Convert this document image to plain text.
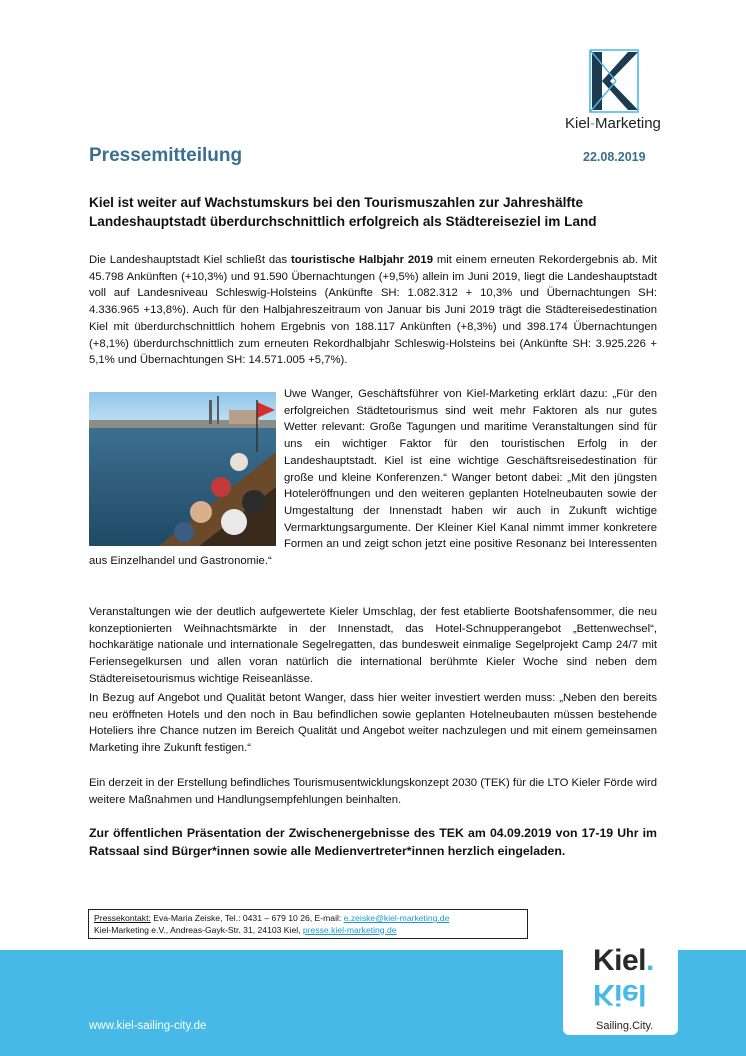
Kiel-Marketing
Pressemitteilung	22.08.2019
Kiel ist weiter auf Wachstumskurs bei den Tourismuszahlen zur Jahreshälfte
Landeshauptstadt überdurchschnittlich erfolgreich als Städtereiseziel im Land

Die Landeshauptstadt Kiel schließt das touristische Halbjahr 2019 mit einem erneuten Rekordergebnis ab. Mit 45.798 Ankünften (+10,3%) und 91.590 Übernachtungen (+9,5%) allein im Juni 2019, liegt die Landeshauptstadt voll auf Landesniveau Schleswig-Holsteins (Ankünfte SH: 1.082.312 + 10,3% und Übernachtungen SH: 4.336.965 +13,8%). Auch für den Halbjahreszeitraum von Januar bis Juni 2019 trägt die Städtereisedestination Kiel mit überdurchschnittlich hohem Ergebnis von 188.117 Ankünften (+8,3%) und 398.174 Übernachtungen (+8,1%) überdurchschnittlich zum erneuten Rekordhalbjahr Schleswig-Holsteins bei (Ankünfte SH: 3.925.226 + 5,1% und Übernachtungen SH: 14.571.005 +5,7%).

Uwe Wanger, Geschäftsführer von Kiel-Marketing erklärt dazu: „Für den erfolgreichen Städtetourismus sind weit mehr Faktoren als nur gutes Wetter relevant: Große Tagungen und maritime Veranstaltungen sind für uns ein wichtiger Faktor für den touristischen Erfolg in der Landeshauptstadt. Kiel ist eine wichtige Geschäftsreisedestination für große und kleine Konferenzen.“ Wanger betont dabei: „Mit den jüngsten Hoteleröffnungen und den weiteren geplanten Hotelneubauten sowie der Umgestaltung der Innenstadt haben wir auch in Zukunft wichtige Vermarktungsargumente. Der Kleiner Kiel Kanal nimmt immer konkretere Formen an und zeigt schon jetzt eine positive Resonanz bei Interessenten aus Einzelhandel und Gastronomie.“

Veranstaltungen wie der deutlich aufgewertete Kieler Umschlag, der fest etablierte Bootshafensommer, die neu konzeptionierten Weihnachtsmärkte in der Innenstadt, das Hotel-Schnupperangebot „Bettenwechsel“, hochkarätige nationale und internationale Segelregatten, das bundesweit einmalige Segelprojekt Camp 24/7 mit Feriensegelkursen und allen voran natürlich die international berühmte Kieler Woche sind neben dem Städtereisetourismus wichtige Reiseanlässe.

In Bezug auf Angebot und Qualität betont Wanger, dass hier weiter investiert werden muss: „Neben den bereits neu eröffneten Hotels und den noch in Bau befindlichen sowie geplanten Hotelneubauten müssen bestehende Hoteliers ihre Chance nutzen im Bereich Qualität und Angebot weiter nachzulegen und mit einem gemeinsamen Marketing ihre Zukunft festigen.“

Ein derzeit in der Erstellung befindliches Tourismusentwicklungskonzept 2030 (TEK) für die LTO Kieler Förde wird weitere Maßnahmen und Handlungsempfehlungen beinhalten.

Zur öffentlichen Präsentation der Zwischenergebnisse des TEK am 04.09.2019 von 17-19 Uhr im Ratssaal sind Bürger*innen sowie alle Medienvertreter*innen herzlich eingeladen.

Pressekontakt: Eva-Maria Zeiske, Tel.: 0431 – 679 10 26, E-mail: e.zeiske@kiel-marketing.de
Kiel-Marketing e.V., Andreas-Gayk-Str. 31, 24103 Kiel, presse.kiel-marketing.de
www.kiel-sailing-city.de
Kiel.
Kiel
Sailing.City.
